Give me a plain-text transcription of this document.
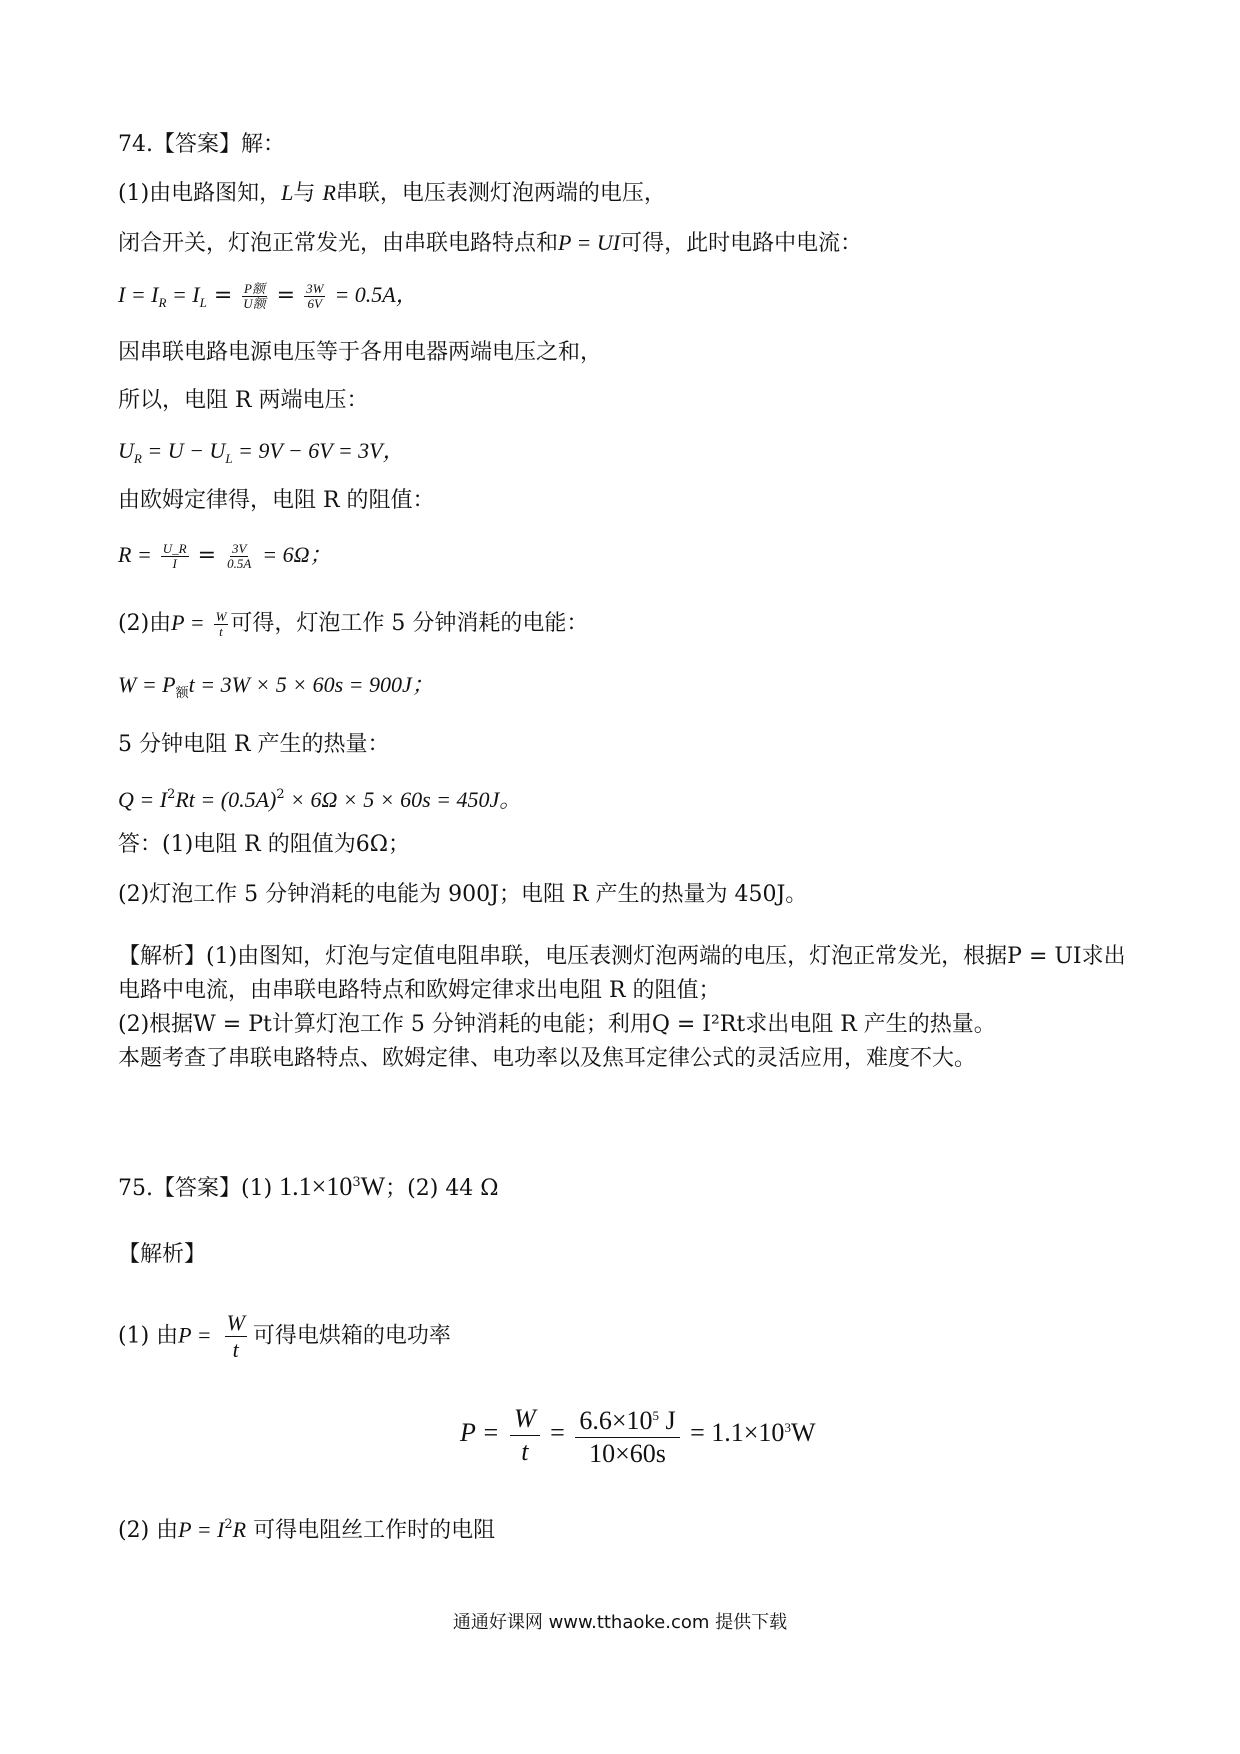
74.【答案】解：
(1)由电路图知，L与 R串联，电压表测灯泡两端的电压，
闭合开关，灯泡正常发光，由串联电路特点和P = UI可得，此时电路中电流：
$I = I_R = I_L = \frac{\text{P额}}{\text{U额}} = \frac{3W}{6V} = 0.5A$，
因串联电路电源电压等于各用电器两端电压之和，
所以，电阻 R 两端电压：
$U_R = U - U_L = 9V - 6V = 3V$，
由欧姆定律得，电阻 R 的阻值：
$R = \frac{U\_R}{I} = \frac{3V}{0.5A} = 6\Omega$；
(2)由$P = \frac{W}{t}$ 可得，灯泡工作 5 分钟消耗的电能：
$W = P_额t = 3W \times 5 \times 60s = 900J$；
5 分钟电阻 R 产生的热量：
$Q = I^2Rt = (0.5A)^2 \times 6\Omega \times 5 \times 60s = 450J$。
答：(1)电阻 R 的阻值为6Ω；
(2)灯泡工作 5 分钟消耗的电能为 900J；电阻 R 产生的热量为 450J。
【解析】(1)由图知，灯泡与定值电阻串联，电压表测灯泡两端的电压，灯泡正常发光，根据P = UI求出
电路中电流，由串联电路特点和欧姆定律求出电阻 R 的阻值；
(2)根据W = Pt计算灯泡工作 5 分钟消耗的电能；利用Q = I²Rt求出电阻 R 产生的热量。
本题考查了串联电路特点、欧姆定律、电功率以及焦耳定律公式的灵活应用，难度不大。
75.【答案】(1) $1.1\times 10^3W$；(2) 44 Ω
【解析】
(1) 由$P = \frac{W}{t}$ 可得电烘箱的电功率
$P = \frac{W}{t} = \frac{6.6\times 10^5 J}{10\times 60s} = 1.1\times 10^3W$
(2) 由$P = I^2R$ 可得电阻丝工作时的电阻
通通好课网 www.tthaoke.com 提供下载
